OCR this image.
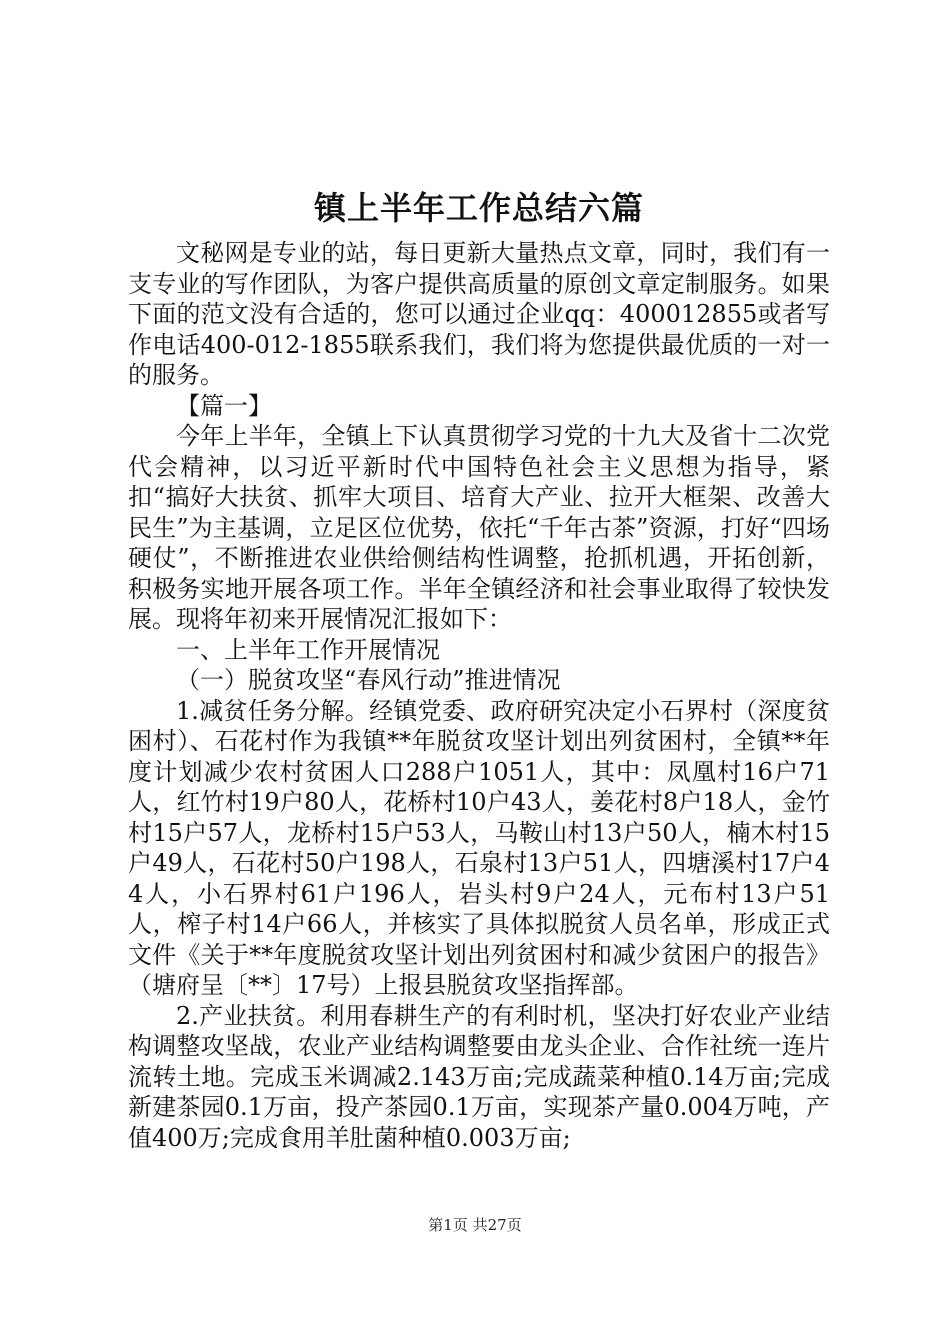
镇上半年工作总结六篇

文秘网是专业的站，每日更新大量热点文章，同时，我们有一支专业的写作团队，为客户提供高质量的原创文章定制服务。如果下面的范文没有合适的，您可以通过企业qq：400012855或者写作电话400-012-1855联系我们，我们将为您提供最优质的一对一的服务。

【篇一】

今年上半年，全镇上下认真贯彻学习党的十九大及省十二次党代会精神，以习近平新时代中国特色社会主义思想为指导，紧扣“搞好大扶贫、抓牢大项目、培育大产业、拉开大框架、改善大民生”为主基调，立足区位优势，依托“千年古茶”资源，打好“四场硬仗”，不断推进农业供给侧结构性调整，抢抓机遇，开拓创新，积极务实地开展各项工作。半年全镇经济和社会事业取得了较快发展。现将年初来开展情况汇报如下：

一、上半年工作开展情况

（一）脱贫攻坚“春风行动”推进情况

1.减贫任务分解。经镇党委、政府研究决定小石界村（深度贫困村）、石花村作为我镇**年脱贫攻坚计划出列贫困村，全镇**年度计划减少农村贫困人口288户1051人，其中：凤凰村16户71人，红竹村19户80人，花桥村10户43人，姜花村8户18人，金竹村15户57人，龙桥村15户53人，马鞍山村13户50人，楠木村15户49人，石花村50户198人，石泉村13户51人，四塘溪村17户44人，小石界村61户196人，岩头村9户24人，元布村13户51人，榨子村14户66人，并核实了具体拟脱贫人员名单，形成正式文件《关于**年度脱贫攻坚计划出列贫困村和减少贫困户的报告》（塘府呈〔**〕17号）上报县脱贫攻坚指挥部。

2.产业扶贫。利用春耕生产的有利时机，坚决打好农业产业结构调整攻坚战，农业产业结构调整要由龙头企业、合作社统一连片流转土地。完成玉米调减2.143万亩;完成蔬菜种植0.14万亩;完成新建茶园0.1万亩，投产茶园0.1万亩，实现茶产量0.004万吨，产值400万;完成食用羊肚菌种植0.003万亩;

第1页 共27页
